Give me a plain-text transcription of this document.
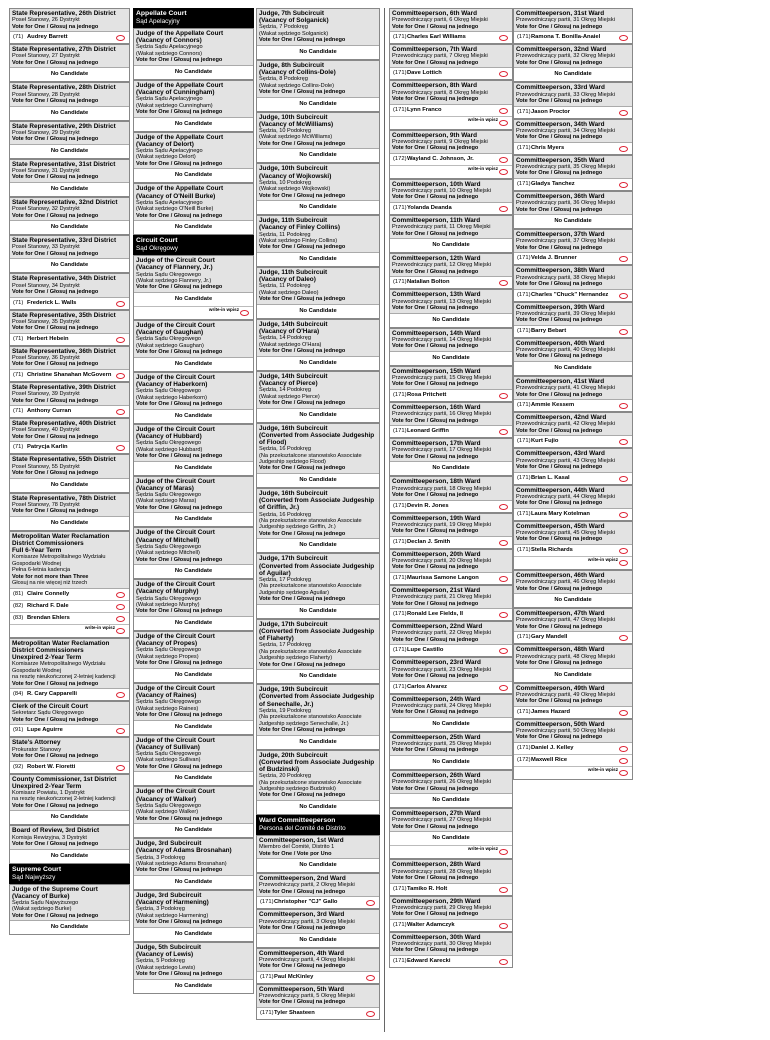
State Representative, 26th District
Poseł Stanowy, 26 Dystrykt
Vote for One / Głosuj na jednego
(71) Audrey Barrett
State Representative, 27th District
Poseł Stanowy, 27 Dystrykt
Vote for One / Głosuj na jednego
No Candidate
State Representative, 28th District
Poseł Stanowy, 28 Dystrykt
Vote for One / Głosuj na jednego
No Candidate
State Representative, 29th District
Poseł Stanowy, 29 Dystrykt
Vote for One / Głosuj na jednego
No Candidate
State Representative, 31st District
Poseł Stanowy, 31 Dystrykt
Vote for One / Głosuj na jednego
No Candidate
State Representative, 32nd District
Poseł Stanowy, 32 Dystrykt
Vote for One / Głosuj na jednego
No Candidate
State Representative, 33rd District
Poseł Stanowy, 33 Dystrykt
Vote for One / Głosuj na jednego
No Candidate
State Representative, 34th District
Poseł Stanowy, 34 Dystrykt
Vote for One / Głosuj na jednego
(71) Frederick L. Walls
State Representative, 35th District
Poseł Stanowy, 35 Dystrykt
Vote for One / Głosuj na jednego
(71) Herbert Hebein
State Representative, 36th District
Poseł Stanowy, 36 Dystrykt
Vote for One / Głosuj na jednego
(71) Christine Shanahan McGovern
State Representative, 39th District
Poseł Stanowy, 39 Dystrykt
Vote for One / Głosuj na jednego
(71) Anthony Curran
State Representative, 40th District
Poseł Stanowy, 40 Dystrykt
Vote for One / Głosuj na jednego
(71) Patrycja Karlin
State Representative, 55th District
Poseł Stanowy, 55 Dystrykt
Vote for One / Głosuj na jednego
No Candidate
State Representative, 78th District
Poseł Stanowy, 78 Dystrykt
Vote for One / Głosuj na jednego
No Candidate
Metropolitan Water Reclamation District Commissioners
Full 6-Year Term
Komisarze Metropolitalnego Wydziału Gospodarki Wodnej
Pełna 6-letnia kadencja
Vote for not more than Three
Głosuj na nie więcej niż trzech
(81) Claire Connelly
(82) Richard F. Dale
(83) Brendan Ehlers
write-in wpisz
Metropolitan Water Reclamation District Commissioners
Unexpired 2-Year Term
Komisarze Metropolitalnego Wydziału Gospodarki Wodnej
na resztę nieukończonej 2-letniej kadencji
Vote for One / Głosuj na jednego
(84) R. Cary Capparelli
Clerk of the Circuit Court
Sekretarz Sądu Okręgowego
Vote for One / Głosuj na jednego
(91) Lupe Aguirre
State's Attorney
Prokurator Stanowy
Vote for One / Głosuj na jednego
(92) Robert W. Fioretti
County Commissioner, 1st District
Unexpired 2-Year Term
Komisarz Powiatu, 1 Dystrykt
na resztę nieukończonej 2-letniej kadencji
Vote for One / Głosuj na jednego
No Candidate
Board of Review, 3rd District
Komisja Rewizyjna, 3 Dystrykt
Vote for One / Głosuj na jednego
No Candidate
Supreme Court
Sąd Najwyższy
Judge of the Supreme Court
(Vacancy of Burke)
Sędzia Sądu Najwyższego
(Wakat sędziego Burke)
Vote for One / Głosuj na jednego
No Candidate
Appellate Court
Sąd Apelacyjny
Judge of the Appellate Court
(Vacancy of Connors)
Sędzia Sądu Apelacyjnego
(Wakat sędziego Connors)
Vote for One / Głosuj na jednego
No Candidate
Judge of the Appellate Court
(Vacancy of Cunningham)
Sędzia Sądu Apelacyjnego
(Wakat sędziego Cunningham)
Vote for One / Głosuj na jednego
No Candidate
Judge of the Appellate Court
(Vacancy of Delort)
Sędzia Sądu Apelacyjnego
(Wakat sędziego Delort)
Vote for One / Głosuj na jednego
No Candidate
Judge of the Appellate Court
(Vacancy of O'Neill Burke)
Sędzia Sądu Apelacyjnego
(Wakat sędziego O'Neill Burke)
Vote for One / Głosuj na jednego
No Candidate
Circuit Court
Sąd Okręgowy
Judge of the Circuit Court
(Vacancy of Flannery, Jr.)
Sędzia Sądu Okręgowego
(Wakat sędziego Flannery, Jr.)
Vote for One / Głosuj na jednego
No Candidate
write-in wpisz
Judge of the Circuit Court
(Vacancy of Gaughan)
Sędzia Sądu Okręgowego
(Wakat sędziego Gaughan)
Vote for One / Głosuj na jednego
No Candidate
Judge of the Circuit Court
(Vacancy of Haberkorn)
Sędzia Sądu Okręgowego
(Wakat sędziego Haberkorn)
Vote for One / Głosuj na jednego
No Candidate
Judge of the Circuit Court
(Vacancy of Hubbard)
Sędzia Sądu Okręgowego
(Wakat sędziego Hubbard)
Vote for One / Głosuj na jednego
No Candidate
Judge of the Circuit Court
(Vacancy of Maras)
Sędzia Sądu Okręgowego
(Wakat sędziego Maras)
Vote for One / Głosuj na jednego
No Candidate
Judge of the Circuit Court
(Vacancy of Mitchell)
Sędzia Sądu Okręgowego
(Wakat sędziego Mitchell)
Vote for One / Głosuj na jednego
No Candidate
Judge of the Circuit Court
(Vacancy of Murphy)
Sędzia Sądu Okręgowego
(Wakat sędziego Murphy)
Vote for One / Głosuj na jednego
No Candidate
Judge of the Circuit Court
(Vacancy of Propes)
Sędzia Sądu Okręgowego
(Wakat sędziego Propes)
Vote for One / Głosuj na jednego
No Candidate
Judge of the Circuit Court
(Vacancy of Raines)
Sędzia Sądu Okręgowego
(Wakat sędziego Raines)
Vote for One / Głosuj na jednego
No Candidate
Judge of the Circuit Court
(Vacancy of Sullivan)
Sędzia Sądu Okręgowego
(Wakat sędziego Sullivan)
Vote for One / Głosuj na jednego
No Candidate
Judge of the Circuit Court
(Vacancy of Walker)
Sędzia Sądu Okręgowego
(Wakat sędziego Walker)
Vote for One / Głosuj na jednego
No Candidate
Judge, 3rd Subcircuit
(Vacancy of Adams Brosnahan)
Sędzia, 3 Podokręg
(Wakat sędziego Adams Brosnahan)
Vote for One / Głosuj na jednego
No Candidate
Judge, 3rd Subcircuit
(Vacancy of Harmening)
Sędzia, 3 Podokręg
(Wakat sędziego Harmening)
Vote for One / Głosuj na jednego
No Candidate
Judge, 5th Subcircuit
(Vacancy of Lewis)
Sędzia, 5 Podokręg
(Wakat sędziego Lewis)
Vote for One / Głosuj na jednego
No Candidate
Judge, 7th Subcircuit
(Vacancy of Solganick)
Sędzia, 7 Podokręg
(Wakat sędziego Solganick)
Vote for One / Głosuj na jednego
No Candidate
Judge, 8th Subcircuit
(Vacancy of Collins-Dole)
Sędzia, 8 Podokręg
(Wakat sędziego Collins-Dole)
Vote for One / Głosuj na jednego
No Candidate
Judge, 10th Subcircuit
(Vacancy of McWilliams)
Sędzia, 10 Podokręg
(Wakat sędziego McWilliams)
Vote for One / Głosuj na jednego
No Candidate
Judge, 10th Subcircuit
(Vacancy of Wojkowski)
Sędzia, 10 Podokręg
(Wakat sędziego Wojkowski)
Vote for One / Głosuj na jednego
No Candidate
Judge, 11th Subcircuit
(Vacancy of Finley Collins)
Sędzia, 11 Podokręg
(Wakat sędziego Finley Collins)
Vote for One / Głosuj na jednego
No Candidate
Judge, 11th Subcircuit
(Vacancy of Daleo)
Sędzia, 11 Podokręg
(Wakat sędziego Daleo)
Vote for One / Głosuj na jednego
No Candidate
Judge, 14th Subcircuit
(Vacancy of O'Hara)
Sędzia, 14 Podokręg
(Wakat sędziego O'Hara)
Vote for One / Głosuj na jednego
No Candidate
Judge, 14th Subcircuit
(Vacancy of Pierce)
Sędzia, 14 Podokręg
(Wakat sędziego Pierce)
Vote for One / Głosuj na jednego
No Candidate
Judge, 16th Subcircuit
(Converted from Associate Judgeship of Flood)
Sędzia, 16 Podokręg
(Na przekształcone stanowisko Associate Judgeship sędziego Flood)
Vote for One / Głosuj na jednego
No Candidate
Judge, 16th Subcircuit
(Converted from Associate Judgeship of Griffin, Jr.)
Sędzia, 16 Podokręg
(Na przekształcone stanowisko Associate Judgeship sędziego Griffin, Jr.)
Vote for One / Głosuj na jednego
No Candidate
Judge, 17th Subcircuit
(Converted from Associate Judgeship of Aguilar)
Sędzia, 17 Podokręg
(Na przekształcone stanowisko Associate Judgeship sędziego Aguilar)
Vote for One / Głosuj na jednego
No Candidate
Judge, 17th Subcircuit
(Converted from Associate Judgeship of Flaherty)
Sędzia, 17 Podokręg
(Na przekształcone stanowisko Associate Judgeship sędziego Flaherty)
Vote for One / Głosuj na jednego
No Candidate
Judge, 19th Subcircuit
(Converted from Associate Judgeship of Senechalle, Jr.)
Sędzia, 19 Podokręg
(Na przekształcone stanowisko Associate Judgeship sędziego Senechalle, Jr.)
Vote for One / Głosuj na jednego
No Candidate
Judge, 20th Subcircuit
(Converted from Associate Judgeship of Budzinski)
Sędzia, 20 Podokręg
(Na przekształcone stanowisko Associate Judgeship sędziego Budzinski)
Vote for One / Głosuj na jednego
No Candidate
Ward Committeeperson
Persona del Comité de Distrito
Committeeperson, 1st Ward
Miembro del Comité, Distrito 1
Vote for One / Vote por Uno
No Candidate
Committeeperson, 2nd Ward
Przewodniczący partii, 2 Okręg Miejski
Vote for One / Głosuj na jednego
(171)Christopher "CJ" Gallo
Committeeperson, 3rd Ward
Przewodniczący partii, 3 Okręg Miejski
Vote for One / Głosuj na jednego
No Candidate
Committeeperson, 4th Ward
Przewodniczący partii, 4 Okręg Miejski
Vote for One / Głosuj na jednego
(171)Paul McKinley
Committeeperson, 5th Ward
Przewodniczący partii, 5 Okręg Miejski
Vote for One / Głosuj na jednego
(171)Tyler Shasteen
Committeeperson, 6th Ward
Przewodniczący partii, 6 Okręg Miejski
Vote for One / Głosuj na jednego
(171)Charles Earl Williams
Committeeperson, 7th Ward
Przewodniczący partii, 7 Okręg Miejski
Vote for One / Głosuj na jednego
(171)Dave Lottich
Committeeperson, 8th Ward
Przewodniczący partii, 8 Okręg Miejski
Vote for One / Głosuj na jednego
(171)Lynn Franco
write-in wpisz
Committeeperson, 9th Ward
Przewodniczący partii, 9 Okręg Miejski
Vote for One / Głosuj na jednego
(172)Wayland C. Johnson, Jr.
write-in wpisz
Committeeperson, 10th Ward
Przewodniczący partii, 10 Okręg Miejski
Vote for One / Głosuj na jednego
(171)Yolanda Deanda
Committeeperson, 11th Ward
Przewodniczący partii, 11 Okręg Miejski
Vote for One / Głosuj na jednego
No Candidate
Committeeperson, 12th Ward
Przewodniczący partii, 12 Okręg Miejski
Vote for One / Głosuj na jednego
(171)Natalian Bolton
Committeeperson, 13th Ward
Przewodniczący partii, 13 Okręg Miejski
Vote for One / Głosuj na jednego
No Candidate
Committeeperson, 14th Ward
Przewodniczący partii, 14 Okręg Miejski
Vote for One / Głosuj na jednego
No Candidate
Committeeperson, 15th Ward
Przewodniczący partii, 15 Okręg Miejski
Vote for One / Głosuj na jednego
(171)Rosa Pritchett
Committeeperson, 16th Ward
Przewodniczący partii, 16 Okręg Miejski
Vote for One / Głosuj na jednego
(171)Leonard Griffin
Committeeperson, 17th Ward
Przewodniczący partii, 17 Okręg Miejski
Vote for One / Głosuj na jednego
No Candidate
Committeeperson, 18th Ward
Przewodniczący partii, 18 Okręg Miejski
Vote for One / Głosuj na jednego
(171)Devin R. Jones
Committeeperson, 19th Ward
Przewodniczący partii, 19 Okręg Miejski
Vote for One / Głosuj na jednego
(171)Declan J. Smith
Committeeperson, 20th Ward
Przewodniczący partii, 20 Okręg Miejski
Vote for One / Głosuj na jednego
(171)Maurissa Samone Langon
Committeeperson, 21st Ward
Przewodniczący partii, 21 Okręg Miejski
Vote for One / Głosuj na jednego
(171)Ronald Lee Fields, II
Committeeperson, 22nd Ward
Przewodniczący partii, 22 Okręg Miejski
Vote for One / Głosuj na jednego
(171)Lupe Castillo
Committeeperson, 23rd Ward
Przewodniczący partii, 23 Okręg Miejski
Vote for One / Głosuj na jednego
(171)Carlos Alvarez
Committeeperson, 24th Ward
Przewodniczący partii, 24 Okręg Miejski
Vote for One / Głosuj na jednego
No Candidate
Committeeperson, 25th Ward
Przewodniczący partii, 25 Okręg Miejski
Vote for One / Głosuj na jednego
No Candidate
Committeeperson, 26th Ward
Przewodniczący partii, 26 Okręg Miejski
Vote for One / Głosuj na jednego
No Candidate
Committeeperson, 27th Ward
Przewodniczący partii, 27 Okręg Miejski
Vote for One / Głosuj na jednego
No Candidate
write-in wpisz
Committeeperson, 28th Ward
Przewodniczący partii, 28 Okręg Miejski
Vote for One / Głosuj na jednego
(171)Tamiko R. Holt
Committeeperson, 29th Ward
Przewodniczący partii, 29 Okręg Miejski
Vote for One / Głosuj na jednego
(171)Walter Adamczyk
Committeeperson, 30th Ward
Przewodniczący partii, 30 Okręg Miejski
Vote for One / Głosuj na jednego
(171)Edward Karecki
Committeeperson, 31st Ward
Przewodniczący partii, 31 Okręg Miejski
Vote for One / Głosuj na jednego
(171)Ramona T. Bonilla-Anaiel
Committeeperson, 32nd Ward
Przewodniczący partii, 32 Okręg Miejski
Vote for One / Głosuj na jednego
No Candidate
Committeeperson, 33rd Ward
Przewodniczący partii, 33 Okręg Miejski
Vote for One / Głosuj na jednego
(171)Jason Proctor
Committeeperson, 34th Ward
Przewodniczący partii, 34 Okręg Miejski
Vote for One / Głosuj na jednego
(171)Chris Myers
Committeeperson, 35th Ward
Przewodniczący partii, 35 Okręg Miejski
Vote for One / Głosuj na jednego
(171)Gladys Tanchez
Committeeperson, 36th Ward
Przewodniczący partii, 36 Okręg Miejski
Vote for One / Głosuj na jednego
No Candidate
Committeeperson, 37th Ward
Przewodniczący partii, 37 Okręg Miejski
Vote for One / Głosuj na jednego
(171)Velda J. Brunner
Committeeperson, 38th Ward
Przewodniczący partii, 38 Okręg Miejski
Vote for One / Głosuj na jednego
(171)Charles "Chuck" Hernandez
Committeeperson, 39th Ward
Przewodniczący partii, 39 Okręg Miejski
Vote for One / Głosuj na jednego
(171)Barry Bebart
Committeeperson, 40th Ward
Przewodniczący partii, 40 Okręg Miejski
Vote for One / Głosuj na jednego
No Candidate
Committeeperson, 41st Ward
Przewodniczący partii, 41 Okręg Miejski
Vote for One / Głosuj na jednego
(171)Ammie Kessem
Committeeperson, 42nd Ward
Przewodniczący partii, 42 Okręg Miejski
Vote for One / Głosuj na jednego
(171)Kurt Fujio
Committeeperson, 43rd Ward
Przewodniczący partii, 43 Okręg Miejski
Vote for One / Głosuj na jednego
(171)Brian L. Kasal
Committeeperson, 44th Ward
Przewodniczący partii, 44 Okręg Miejski
Vote for One / Głosuj na jednego
(171)Laura Mary Kotelman
Committeeperson, 45th Ward
Przewodniczący partii, 45 Okręg Miejski
Vote for One / Głosuj na jednego
(171)Stella Richards
write-in wpisz
Committeeperson, 46th Ward
Przewodniczący partii, 46 Okręg Miejski
Vote for One / Głosuj na jednego
No Candidate
Committeeperson, 47th Ward
Przewodniczący partii, 47 Okręg Miejski
Vote for One / Głosuj na jednego
(171)Gary Mandell
Committeeperson, 48th Ward
Przewodniczący partii, 48 Okręg Miejski
Vote for One / Głosuj na jednego
No Candidate
Committeeperson, 49th Ward
Przewodniczący partii, 49 Okręg Miejski
Vote for One / Głosuj na jednego
(171)James Hazard
Committeeperson, 50th Ward
Przewodniczący partii, 50 Okręg Miejski
Vote for One / Głosuj na jednego
(171)Daniel J. Kelley
(172)Maxwell Rice
write-in wpisz
